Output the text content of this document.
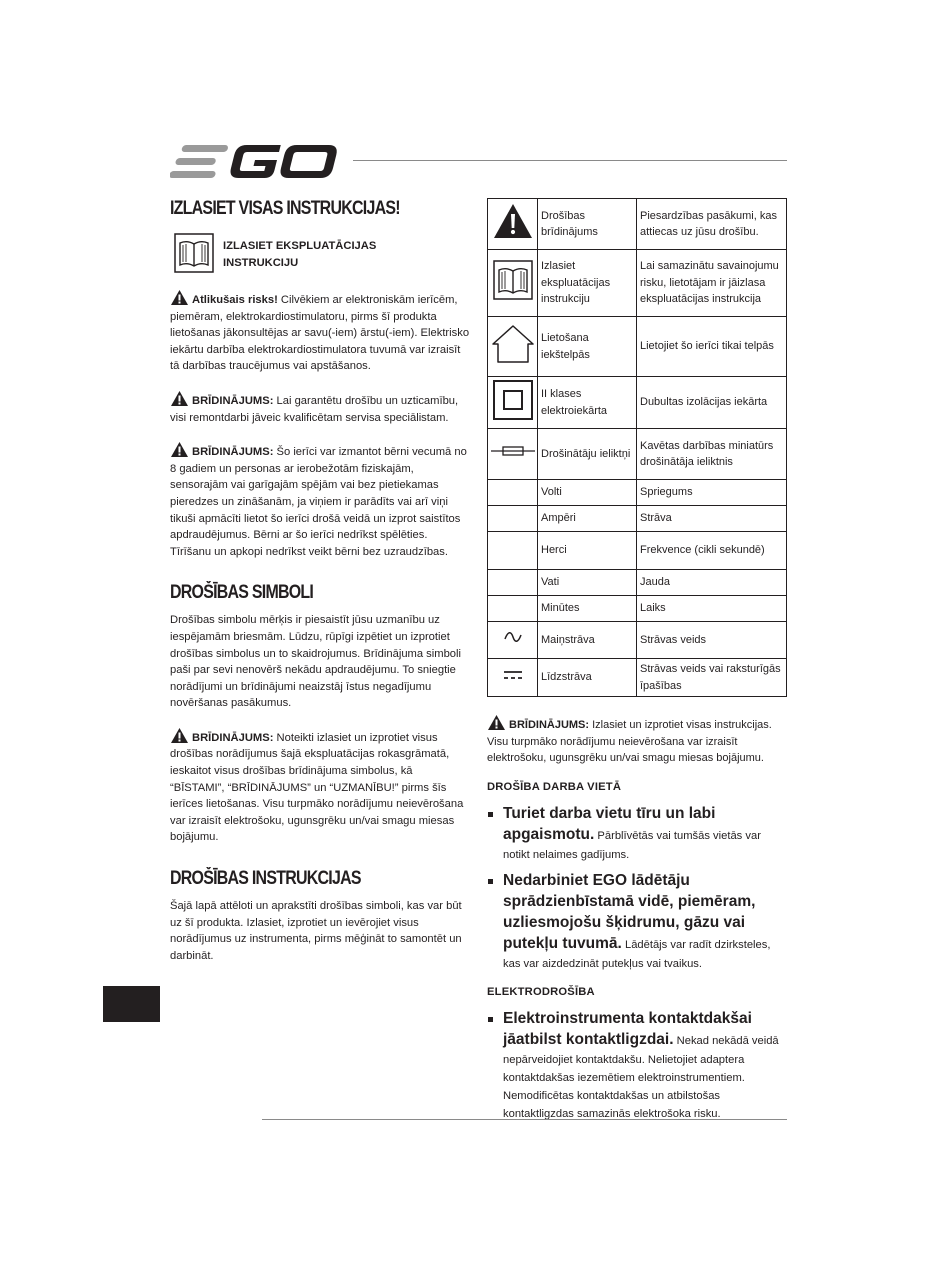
IZLASIET VISAS INSTRUKCIJAS!
IZLASIET EKSPLUATĀCIJAS INSTRUKCIJU

Atlikušais risks! Cilvēkiem ar elektroniskām ierīcēm, piemēram, elektrokardiostimulatoru, pirms šī produkta lietošanas jākonsultējas ar savu(-iem) ārstu(-iem). Elektrisko iekārtu darbība elektrokardiostimulatora tuvumā var izraisīt tā darbības traucējumus vai apstāšanos.

BRĪDINĀJUMS: Lai garantētu drošību un uzticamību, visi remontdarbi jāveic kvalificētam servisa speciālistam.

BRĪDINĀJUMS: Šo ierīci var izmantot bērni vecumā no 8 gadiem un personas ar ierobežotām fiziskajām, sensorajām vai garīgajām spējām vai bez pietiekamas pieredzes un zināšanām, ja viņiem ir parādīts vai arī viņi tikuši apmācīti lietot šo ierīci drošā veidā un izprot saistītos apdraudējumus. Bērni ar šo ierīci nedrīkst spēlēties. Tīrīšanu un apkopi nedrīkst veikt bērni bez uzraudzības.

DROŠĪBAS SIMBOLI

Drošības simbolu mērķis ir piesaistīt jūsu uzmanību uz iespējamām briesmām. Lūdzu, rūpīgi izpētiet un izprotiet drošības simbolus un to skaidrojumus. Brīdinājuma simboli paši par sevi nenovērš nekādu apdraudējumu. To sniegtie norādījumi un brīdinājumi neaizstāj īstus negadījumu novēršanas pasākumus.

BRĪDINĀJUMS: Noteikti izlasiet un izprotiet visus drošības norādījumus šajā ekspluatācijas rokasgrāmatā, ieskaitot visus drošības brīdinājuma simbolus, kā “BĪSTAMI”, “BRĪDINĀJUMS” un “UZMANĪBU!” pirms šīs ierīces lietošanas. Visu turpmāko norādījumu neievērošana var izraisīt elektrošoku, ugunsgrēku un/vai smagu miesas bojājumu.

DROŠĪBAS INSTRUKCIJAS

Šajā lapā attēloti un aprakstīti drošības simboli, kas var būt uz šī produkta. Izlasiet, izprotiet un ievērojiet visus norādījumus uz instrumenta, pirms mēģināt to samontēt un darbināt.

	Drošības brīdinājums	Piesardzības pasākumi, kas attiecas uz jūsu drošību.
	Izlasiet ekspluatācijas instrukciju	Lai samazinātu savainojumu risku, lietotājam ir jāizlasa ekspluatācijas instrukcija
	Lietošana iekštelpās	Lietojiet šo ierīci tikai telpās
	II klases elektroiekārta	Dubultas izolācijas iekārta
	Drošinātāju ieliktņi	Kavētas darbības miniatūrs drošinātāja ieliktnis
	Volti	Spriegums
	Ampēri	Strāva
	Herci	Frekvence (cikli sekundē)
	Vati	Jauda
	Minūtes	Laiks
	Maiņstrāva	Strāvas veids
	Līdzstrāva	Strāvas veids vai raksturīgās īpašības

BRĪDINĀJUMS: Izlasiet un izprotiet visas instrukcijas. Visu turpmāko norādījumu neievērošana var izraisīt elektrošoku, ugunsgrēku un/vai smagu miesas bojājumu.

DROŠĪBA DARBA VIETĀ
Turiet darba vietu tīru un labi apgaismotu. Pārblīvētās vai tumšās vietās var notikt nelaimes gadījums.
Nedarbiniet EGO lādētāju sprādzienbīstamā vidē, piemēram, uzliesmojošu šķidrumu, gāzu vai putekļu tuvumā. Lādētājs var radīt dzirksteles, kas var aizdedzināt putekļus vai tvaikus.
ELEKTRODROŠĪBA
Elektroinstrumenta kontaktdakšai jāatbilst kontaktligzdai. Nekad nekādā veidā nepārveidojiet kontaktdakšu. Nelietojiet adaptera kontaktdakšas iezemētiem elektroinstrumentiem. Nemodificētas kontaktdakšas un atbilstošas kontaktligzdas samazinās elektrošoka risku.
